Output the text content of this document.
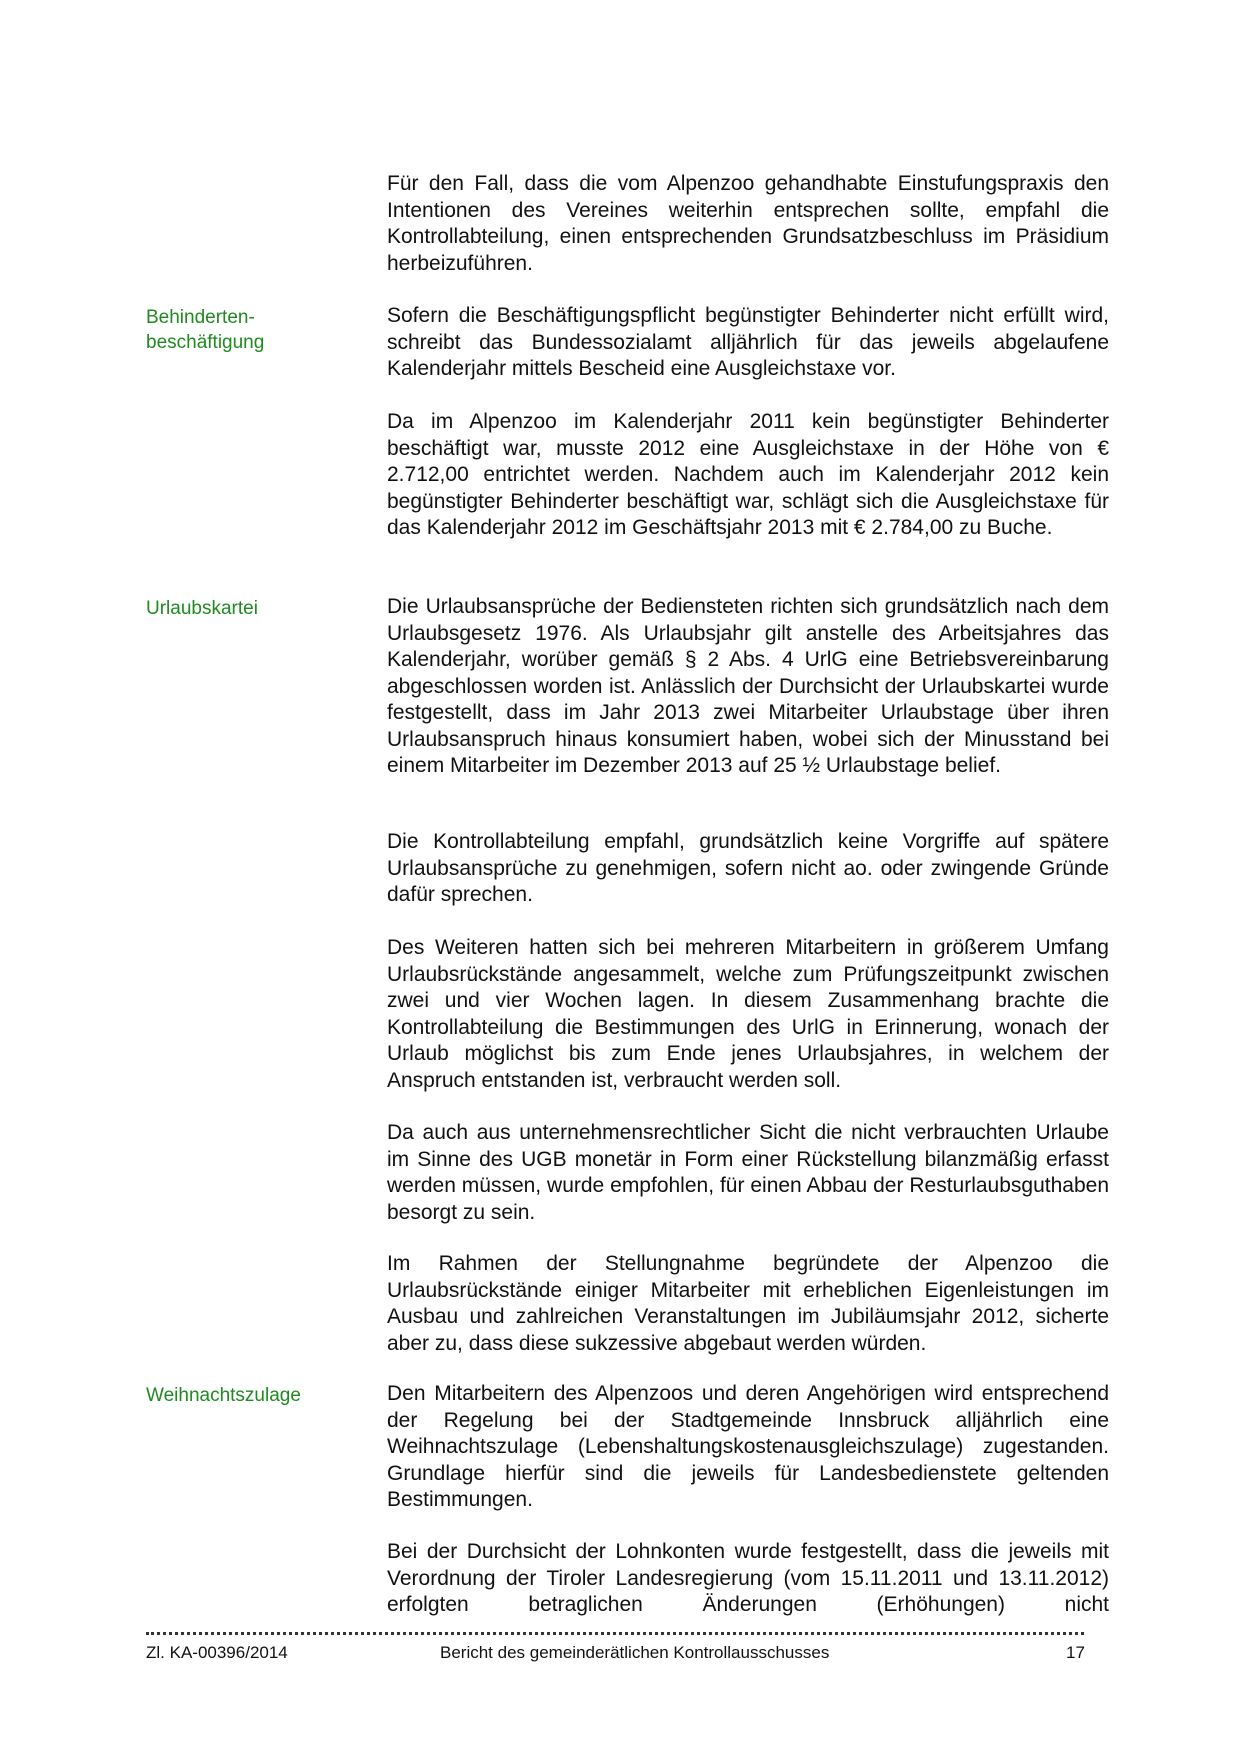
Für den Fall, dass die vom Alpenzoo gehandhabte Einstufungspraxis den Intentionen des Vereines weiterhin entsprechen sollte, empfahl die Kontrollabteilung, einen entsprechenden Grundsatzbeschluss im Präsidium herbeizuführen.

Behinderten-
beschäftigung

Sofern die Beschäftigungspflicht begünstigter Behinderter nicht erfüllt wird, schreibt das Bundessozialamt alljährlich für das jeweils abgelaufene Kalenderjahr mittels Bescheid eine Ausgleichstaxe vor.

Da im Alpenzoo im Kalenderjahr 2011 kein begünstigter Behinderter beschäftigt war, musste 2012 eine Ausgleichstaxe in der Höhe von € 2.712,00 entrichtet werden. Nachdem auch im Kalenderjahr 2012 kein begünstigter Behinderter beschäftigt war, schlägt sich die Ausgleichstaxe für das Kalenderjahr 2012 im Geschäftsjahr 2013 mit € 2.784,00 zu Buche.

Urlaubskartei	Die Urlaubsansprüche der Bediensteten richten sich grundsätzlich nach dem Urlaubsgesetz 1976. Als Urlaubsjahr gilt anstelle des Arbeitsjahres das Kalenderjahr, worüber gemäß § 2 Abs. 4 UrlG eine Betriebsvereinbarung abgeschlossen worden ist. Anlässlich der Durchsicht der Urlaubskartei wurde festgestellt, dass im Jahr 2013 zwei Mitarbeiter Urlaubstage über ihren Urlaubsanspruch hinaus konsumiert haben, wobei sich der Minusstand bei einem Mitarbeiter im Dezember 2013 auf 25 ½ Urlaubstage belief.

Die Kontrollabteilung empfahl, grundsätzlich keine Vorgriffe auf spätere Urlaubsansprüche zu genehmigen, sofern nicht ao. oder zwingende Gründe dafür sprechen.

Des Weiteren hatten sich bei mehreren Mitarbeitern in größerem Umfang Urlaubsrückstände angesammelt, welche zum Prüfungszeitpunkt zwischen zwei und vier Wochen lagen. In diesem Zusammenhang brachte die Kontrollabteilung die Bestimmungen des UrlG in Erinnerung, wonach der Urlaub möglichst bis zum Ende jenes Urlaubsjahres, in welchem der Anspruch entstanden ist, verbraucht werden soll.

Da auch aus unternehmensrechtlicher Sicht die nicht verbrauchten Urlaube im Sinne des UGB monetär in Form einer Rückstellung bilanzmäßig erfasst werden müssen, wurde empfohlen, für einen Abbau der Resturlaubsguthaben besorgt zu sein.

Im Rahmen der Stellungnahme begründete der Alpenzoo die Urlaubsrückstände einiger Mitarbeiter mit erheblichen Eigenleistungen im Ausbau und zahlreichen Veranstaltungen im Jubiläumsjahr 2012, sicherte aber zu, dass diese sukzessive abgebaut werden würden.

Weihnachtszulage	Den Mitarbeitern des Alpenzoos und deren Angehörigen wird entsprechend der Regelung bei der Stadtgemeinde Innsbruck alljährlich eine Weihnachtszulage (Lebenshaltungskostenausgleichszulage) zugestanden. Grundlage hierfür sind die jeweils für Landesbedienstete geltenden Bestimmungen.

Bei der Durchsicht der Lohnkonten wurde festgestellt, dass die jeweils mit Verordnung der Tiroler Landesregierung (vom 15.11.2011 und 13.11.2012) erfolgten betraglichen Änderungen (Erhöhungen) nicht

Zl. KA-00396/2014	Bericht des gemeinderätlichen Kontrollausschusses	17
